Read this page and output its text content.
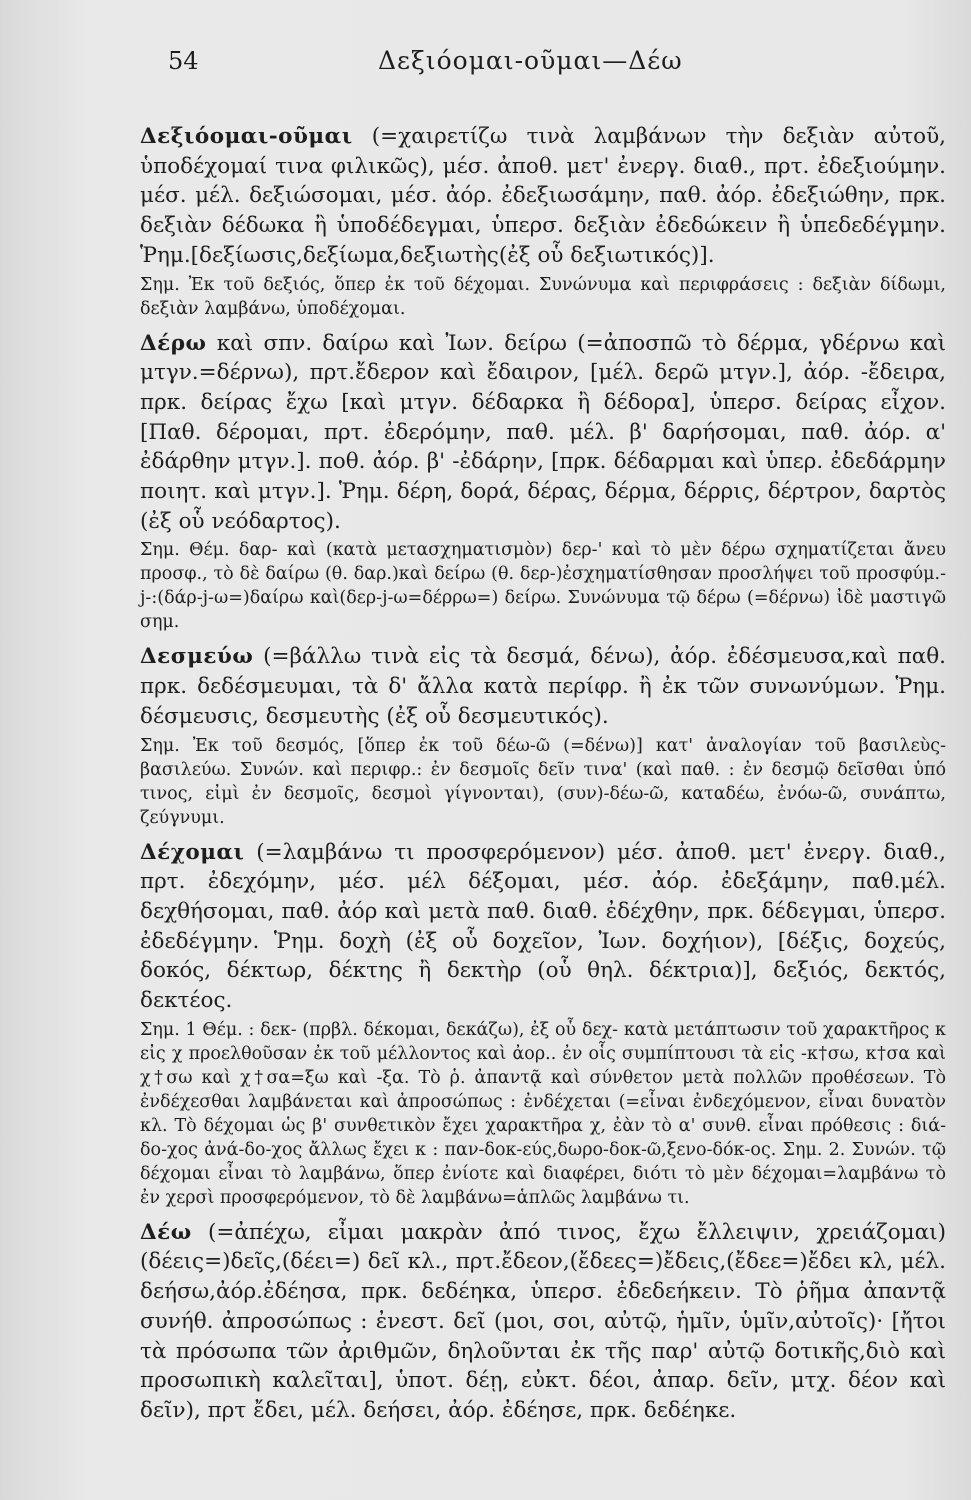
54	Δεξιόομαι-οῦμαι—Δέω

Δεξιόομαι-οῦμαι (=χαιρετίζω τινὰ λαμβάνων τὴν δεξιὰν αὐτοῦ, ὑποδέχομαί τινα φιλικῶς), μέσ. ἀποθ. μετ' ἐνεργ. διαθ., πρτ. ἐδεξιούμην. μέσ. μέλ. δεξιώσομαι, μέσ. ἀόρ. ἐδεξιωσάμην, παθ. ἀόρ. ἐδεξιώθην, πρκ. δεξιὰν δέδωκα ἢ ὑποδέδεγμαι, ὑπερσ. δεξιὰν ἐδεδώκειν ἢ ὑπεδεδέγμην. Ῥημ.[δεξίωσις,δεξίωμα,δεξιωτὴς(ἐξ οὗ δεξιωτικός)].

Σημ. Ἐκ τοῦ δεξιός, ὅπερ ἐκ τοῦ δέχομαι. Συνώνυμα καὶ περιφράσεις : δεξιὰν δίδωμι, δεξιὰν λαμβάνω, ὑποδέχομαι.

Δέρω καὶ σπν. δαίρω καὶ Ἰων. δείρω (=ἀποσπῶ τὸ δέρμα, γδέρνω καὶ μτγν.=δέρνω), πρτ.ἔδερον καὶ ἔδαιρον, [μέλ. δερῶ μτγν.], ἀόρ. -ἔδειρα, πρκ. δείρας ἔχω [καὶ μτγν. δέδαρκα ἢ δέδορα], ὑπερσ. δείρας εἶχον. [Παθ. δέρομαι, πρτ. ἐδερόμην, παθ. μέλ. β' δαρήσομαι, παθ. ἀόρ. α' ἐδάρθην μτγν.]. ποθ. ἀόρ. β' -ἐδάρην, [πρκ. δέδαρμαι καὶ ὑπερ. ἐδεδάρμην ποιητ. καὶ μτγν.]. Ῥημ. δέρη, δορά, δέρας, δέρμα, δέρρις, δέρτρον, δαρτὸς (ἐξ οὗ νεόδαρτος).

Σημ. Θέμ. δαρ- καὶ (κατὰ μετασχηματισμὸν) δερ-' καὶ τὸ μὲν δέρω σχηματίζεται ἄνευ προσφ., τὸ δὲ δαίρω (θ. δαρ.)καὶ δείρω (θ. δερ-)ἐσχηματίσθησαν προσλήψει τοῦ προσφύμ.-j-:(δάρ-j-ω=)δαίρω καὶ(δερ-j-ω=δέρρω=) δείρω. Συνώνυμα τῷ δέρω (=δέρνω) ἰδὲ μαστιγῶ σημ.

Δεσμεύω (=βάλλω τινὰ εἰς τὰ δεσμά, δένω), ἀόρ. ἐδέσμευσα,καὶ παθ. πρκ. δεδέσμευμαι, τὰ δ' ἄλλα κατὰ περίφρ. ἢ ἐκ τῶν συνωνύμων. Ῥημ. δέσμευσις, δεσμευτὴς (ἐξ οὗ δεσμευτικός).

Σημ. Ἐκ τοῦ δεσμός, [ὅπερ ἐκ τοῦ δέω-ῶ (=δένω)] κατ' ἀναλογίαν τοῦ βασιλεὺς-βασιλεύω. Συνών. καὶ περιφρ.: ἐν δεσμοῖς δεῖν τινα' (καὶ παθ. : ἐν δεσμῷ δεῖσθαι ὑπό τινος, εἰμὶ ἐν δεσμοῖς, δεσμοὶ γίγνονται), (συν)-δέω-ῶ, καταδέω, ἐνόω-ῶ, συνάπτω, ζεύγνυμι.

Δέχομαι (=λαμβάνω τι προσφερόμενον) μέσ. ἀποθ. μετ' ἐνεργ. διαθ., πρτ. ἐδεχόμην, μέσ. μέλ δέξομαι, μέσ. ἀόρ. ἐδεξάμην, παθ.μέλ. δεχθήσομαι, παθ. ἀόρ καὶ μετὰ παθ. διαθ. ἐδέχθην, πρκ. δέδεγμαι, ὑπερσ. ἐδεδέγμην. Ῥημ. δοχὴ (ἐξ οὗ δοχεῖον, Ἰων. δοχήιον), [δέξις, δοχεύς, δοκός, δέκτωρ, δέκτης ἢ δεκτὴρ (οὗ θηλ. δέκτρια)], δεξιός, δεκτός, δεκτέος.

Σημ. 1 Θέμ. : δεκ- (πρβλ. δέκομαι, δεκάζω), ἐξ οὗ δεχ- κατὰ μετάπτωσιν τοῦ χαρακτῆρος κ εἰς χ προελθοῦσαν ἐκ τοῦ μέλλοντος καὶ ἀορ.. ἐν οἷς συμπίπτουσι τὰ εἰς -κ†σω, κ†σα καὶ χ†σω καὶ χ†σα=ξω καὶ -ξα. Τὸ ῥ. ἀπαντᾷ καὶ σύνθετον μετὰ πολλῶν προθέσεων. Τὸ ἐνδέχεσθαι λαμβάνεται καὶ ἀπροσώπως : ἐνδέχεται (=εἶναι ἐνδεχόμενον, εἶναι δυνατὸν κλ. Τὸ δέχομαι ὡς β' συνθετικὸν ἔχει χαρακτῆρα χ, ἐὰν τὸ α' συνθ. εἶναι πρόθεσις : διά-δο-χος ἀνά-δο-χος ἄλλως ἔχει κ : παν-δοκ-εύς,δωρο-δοκ-ῶ,ξενο-δόκ-ος. Σημ. 2. Συνών. τῷ δέχομαι εἶναι τὸ λαμβάνω, ὅπερ ἐνίοτε καὶ διαφέρει, διότι τὸ μὲν δέχομαι=λαμβάνω τὸ ἐν χερσὶ προσφερόμενον, τὸ δὲ λαμβάνω=ἁπλῶς λαμβάνω τι.

Δέω (=ἀπέχω, εἶμαι μακρὰν ἀπό τινος, ἔχω ἔλλειψιν, χρειάζομαι) (δέεις=)δεῖς,(δέει=) δεῖ κλ., πρτ.ἔδεον,(ἔδεες=)ἔδεις,(ἔδεε=)ἔδει κλ, μέλ. δεήσω,ἀόρ.ἐδέησα, πρκ. δεδέηκα, ὑπερσ. ἐδεδεήκειν. Τὸ ῥῆμα ἀπαντᾷ συνήθ. ἀπροσώπως : ἐνεστ. δεῖ (μοι, σοι, αὐτῷ, ἡμῖν, ὑμῖν,αὐτοῖς)· [ἤτοι τὰ πρόσωπα τῶν ἀριθμῶν, δηλοῦνται ἐκ τῆς παρ' αὐτῷ δοτικῆς,διὸ καὶ προσωπικὴ καλεῖται], ὑποτ. δέῃ, εὐκτ. δέοι, ἀπαρ. δεῖν, μτχ. δέον καὶ δεῖν), πρτ ἔδει, μέλ. δεήσει, ἀόρ. ἐδέησε, πρκ. δεδέηκε.
